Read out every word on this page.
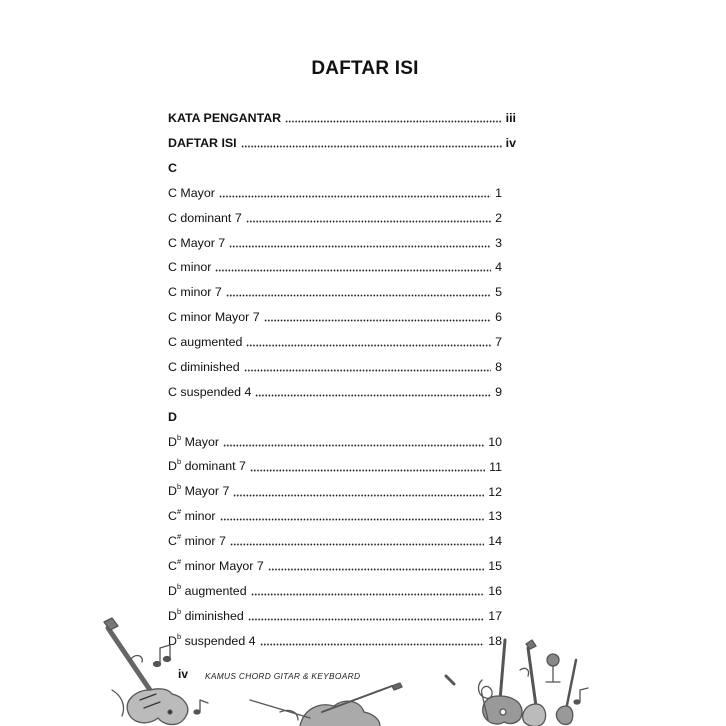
DAFTAR ISI
KATA PENGANTAR	iii
DAFTAR ISI	iv
C
C Mayor	1
C dominant 7	2
C Mayor 7	3
C minor	4
C minor 7	5
C minor Mayor 7	6
C augmented	7
C diminished	8
C suspended 4	9
D
$D^b$ Mayor	10
$D^b$ dominant 7	11
$D^b$ Mayor 7	12
C# minor	13
C# minor 7	14
C# minor Mayor 7	15
$D^b$ augmented	16
$D^b$ diminished	17
$D^b$ suspended 4	18
iv KAMUS CHORD GITAR & KEYBOARD
